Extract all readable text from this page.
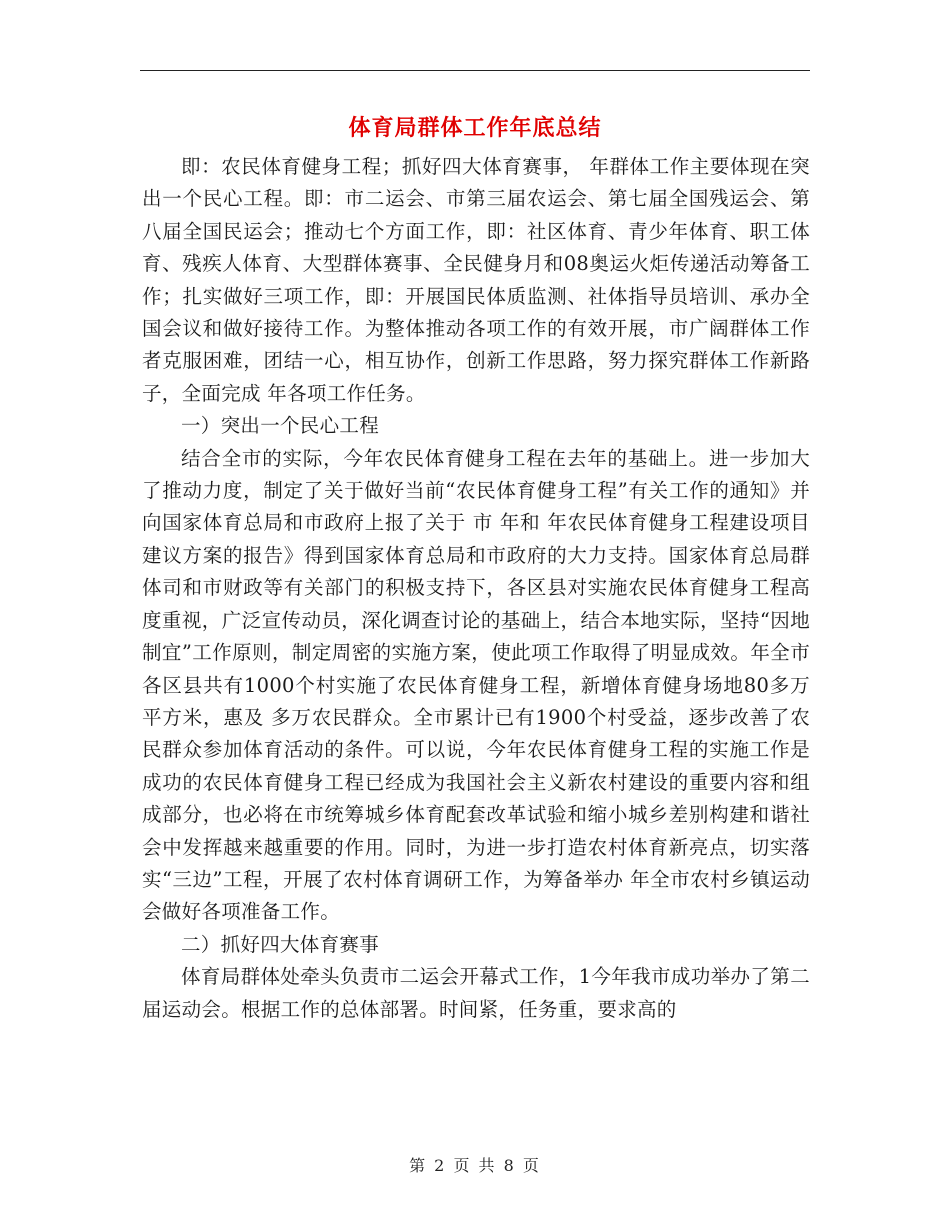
体育局群体工作年底总结

即：农民体育健身工程；抓好四大体育赛事， 年群体工作主要体现在突出一个民心工程。即：市二运会、市第三届农运会、第七届全国残运会、第八届全国民运会；推动七个方面工作，即：社区体育、青少年体育、职工体育、残疾人体育、大型群体赛事、全民健身月和08奥运火炬传递活动筹备工作；扎实做好三项工作，即：开展国民体质监测、社体指导员培训、承办全国会议和做好接待工作。为整体推动各项工作的有效开展，市广阔群体工作者克服困难，团结一心，相互协作，创新工作思路，努力探究群体工作新路子，全面完成 年各项工作任务。

一）突出一个民心工程

结合全市的实际，今年农民体育健身工程在去年的基础上。进一步加大了推动力度，制定了关于做好当前“农民体育健身工程”有关工作的通知》并向国家体育总局和市政府上报了关于 市 年和 年农民体育健身工程建设项目建议方案的报告》得到国家体育总局和市政府的大力支持。国家体育总局群体司和市财政等有关部门的积极支持下，各区县对实施农民体育健身工程高度重视，广泛宣传动员，深化调查讨论的基础上，结合本地实际，坚持“因地制宜”工作原则，制定周密的实施方案，使此项工作取得了明显成效。年全市各区县共有1000个村实施了农民体育健身工程，新增体育健身场地80多万平方米，惠及 多万农民群众。全市累计已有1900个村受益，逐步改善了农民群众参加体育活动的条件。可以说，今年农民体育健身工程的实施工作是成功的农民体育健身工程已经成为我国社会主义新农村建设的重要内容和组成部分，也必将在市统筹城乡体育配套改革试验和缩小城乡差别构建和谐社会中发挥越来越重要的作用。同时，为进一步打造农村体育新亮点，切实落实“三边”工程，开展了农村体育调研工作，为筹备举办 年全市农村乡镇运动会做好各项准备工作。

二）抓好四大体育赛事

体育局群体处牵头负责市二运会开幕式工作，1今年我市成功举办了第二届运动会。根据工作的总体部署。时间紧，任务重，要求高的

第 2 页 共 8 页
